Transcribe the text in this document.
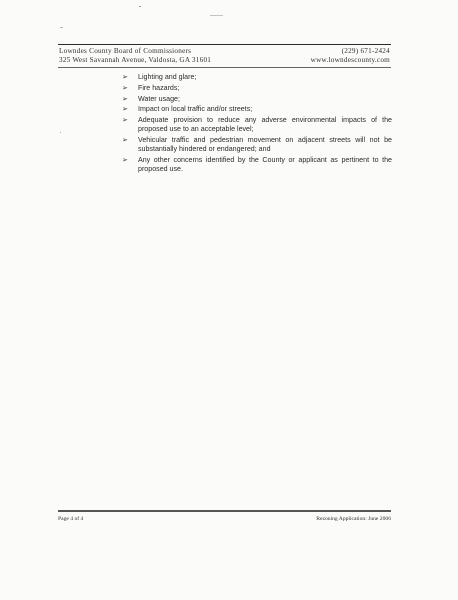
Lowndes County Board of Commissioners
325 West Savannah Avenue, Valdosta, GA 31601
(229) 671-2424
www.lowndescounty.com
➢	Lighting and glare;
➢	Fire hazards;
➢	Water usage;
➢	Impact on local traffic and/or streets;
➢	Adequate provision to reduce any adverse environmental impacts of the proposed use to an acceptable level;
➢	Vehicular traffic and pedestrian movement on adjacent streets will not be substantially hindered or endangered; and
➢	Any other concerns identified by the County or applicant as pertinent to the proposed use.
Page 4 of 4	Rezoning Application: June 2006
